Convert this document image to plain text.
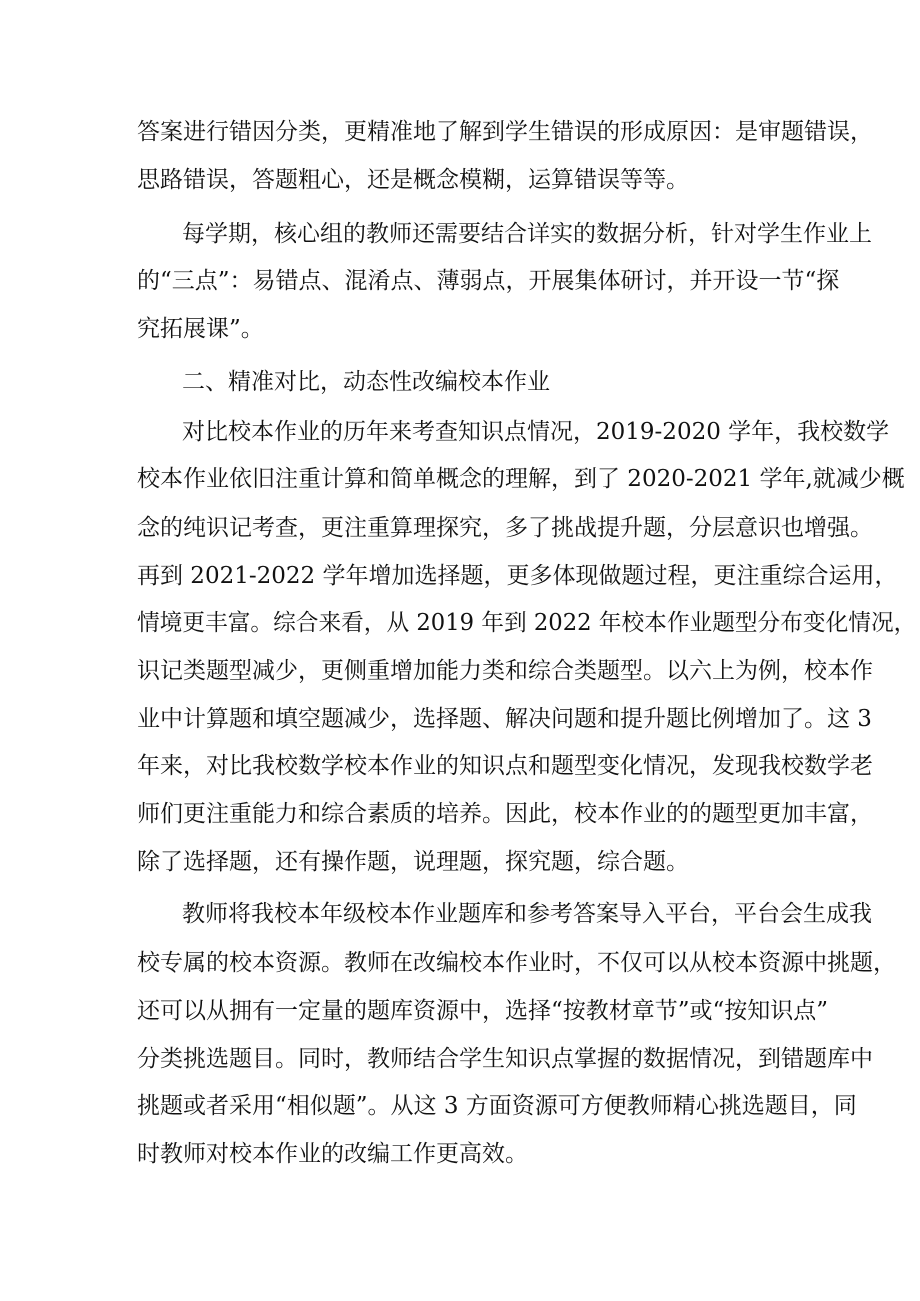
答案进行错因分类，更精准地了解到学生错误的形成原因：是审题错误，
思路错误，答题粗心，还是概念模糊，运算错误等等。
每学期，核心组的教师还需要结合详实的数据分析，针对学生作业上
的“三点”：易错点、混淆点、薄弱点，开展集体研讨，并开设一节“探
究拓展课”。
二、精准对比，动态性改编校本作业
对比校本作业的历年来考查知识点情况，2019-2020 学年，我校数学
校本作业依旧注重计算和简单概念的理解，到了 2020-2021 学年,就减少概
念的纯识记考查，更注重算理探究，多了挑战提升题，分层意识也增强。
再到 2021-2022 学年增加选择题，更多体现做题过程，更注重综合运用，
情境更丰富。综合来看，从 2019 年到 2022 年校本作业题型分布变化情况，
识记类题型减少，更侧重增加能力类和综合类题型。以六上为例，校本作
业中计算题和填空题减少，选择题、解决问题和提升题比例增加了。这 3
年来，对比我校数学校本作业的知识点和题型变化情况，发现我校数学老
师们更注重能力和综合素质的培养。因此，校本作业的的题型更加丰富，
除了选择题，还有操作题，说理题，探究题，综合题。
教师将我校本年级校本作业题库和参考答案导入平台，平台会生成我
校专属的校本资源。教师在改编校本作业时，不仅可以从校本资源中挑题，
还可以从拥有一定量的题库资源中，选择“按教材章节”或“按知识点”
分类挑选题目。同时，教师结合学生知识点掌握的数据情况，到错题库中
挑题或者采用“相似题”。从这 3 方面资源可方便教师精心挑选题目，同
时教师对校本作业的改编工作更高效。
